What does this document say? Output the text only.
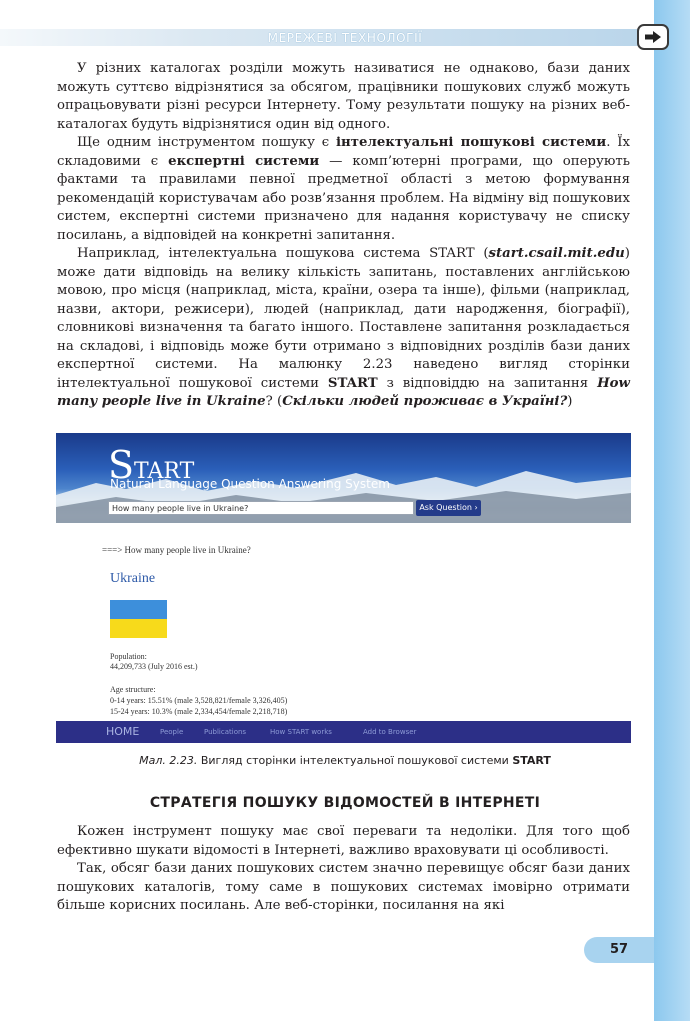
МЕРЕЖЕВІ ТЕХНОЛОГІЇ

У різних каталогах розділи можуть називатися не однаково, бази даних можуть суттєво відрізнятися за обсягом, працівники пошукових служб можуть опрацьовувати різні ресурси Інтернету. Тому результати пошуку на різних веб-каталогах будуть відрізнятися один від одного.

Ще одним інструментом пошуку є інтелектуальні пошукові системи. Їх складовими є експертні системи — комп’ютерні програми, що оперують фактами та правилами певної предметної області з метою формування рекомендацій користувачам або розв’язання проблем. На відміну від пошукових систем, експертні системи призначено для надання користувачу не списку посилань, а відповідей на конкретні запитання.

Наприклад, інтелектуальна пошукова система START (start.csail.mit.edu) може дати відповідь на велику кількість запитань, поставлених англійською мовою, про місця (наприклад, міста, країни, озера та інше), фільми (наприклад, назви, актори, режисери), людей (наприклад, дати народження, біографії), словникові визначення та багато іншого. Поставлене запитання розкладається на складові, і відповідь може бути отримано з відповідних розділів бази даних експертної системи. На малюнку 2.23 наведено вигляд сторінки інтелектуальної пошукової системи START з відповіддю на запитання How many people live in Ukraine? (Скільки людей проживає в Україні?)

START
Natural Language Question Answering System
How many people live in Ukraine?	Ask Question ›
===> How many people live in Ukraine?
Ukraine
Population:
44,209,733 (July 2016 est.)
Age structure:
0-14 years: 15.51% (male 3,528,821/female 3,326,405)
15-24 years: 10.3% (male 2,334,454/female 2,218,718)
HOME	People	Publications	How START works	Add to Browser
Мал. 2.23. Вигляд сторінки інтелектуальної пошукової системи START
СТРАТЕГІЯ ПОШУКУ ВІДОМОСТЕЙ В ІНТЕРНЕТІ

Кожен інструмент пошуку має свої переваги та недоліки. Для того щоб ефективно шукати відомості в Інтернеті, важливо враховувати ці особливості.

Так, обсяг бази даних пошукових систем значно перевищує обсяг бази даних пошукових каталогів, тому саме в пошукових системах імовірно отримати більше корисних посилань. Але веб-сторінки, посилання на які

57
